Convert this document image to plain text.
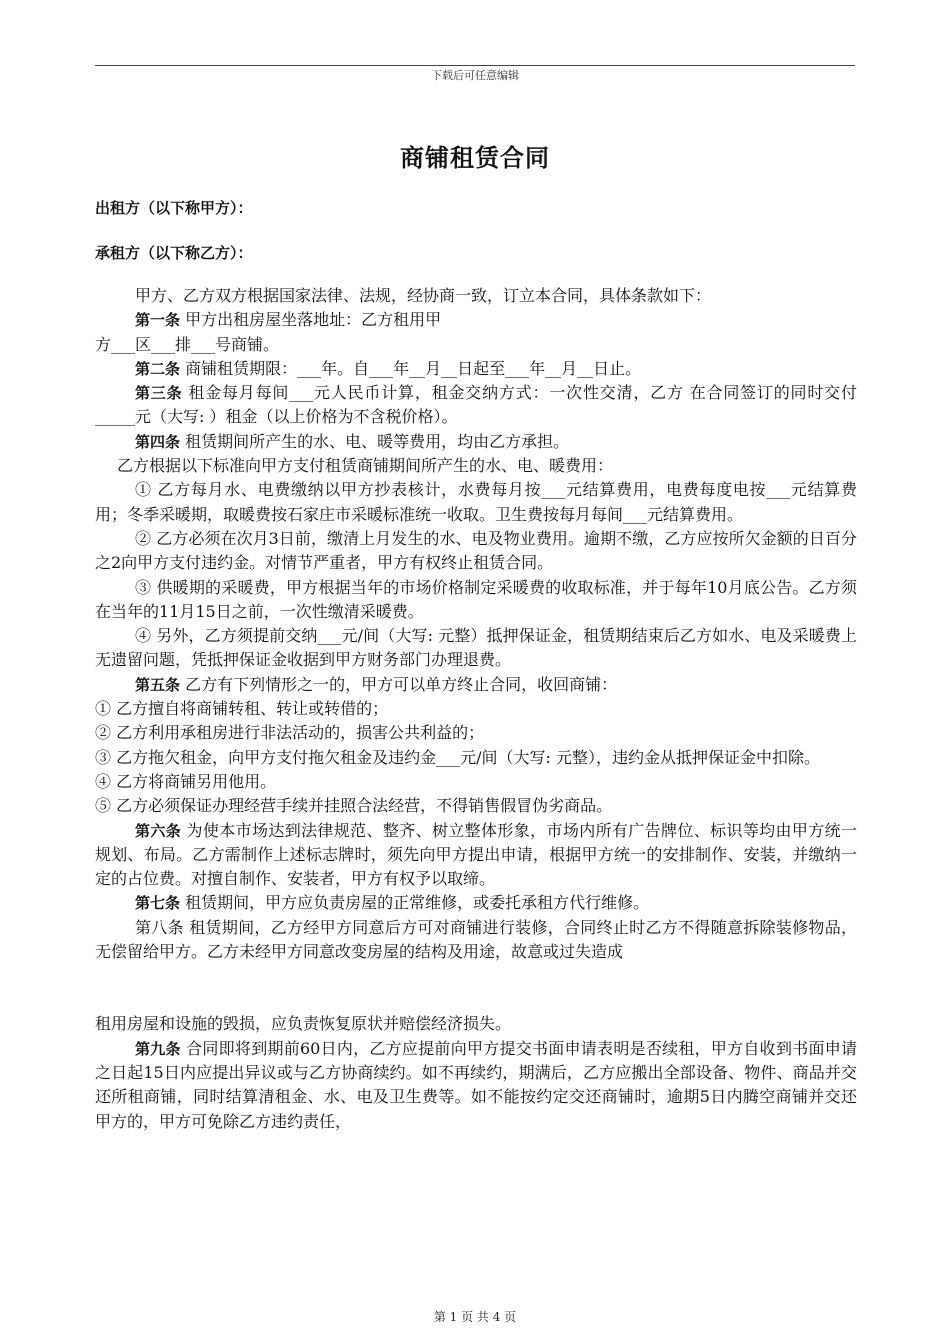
下载后可任意编辑
商铺租赁合同
出租方（以下称甲方）：
承租方（以下称乙方）：

甲方、乙方双方根据国家法律、法规，经协商一致，订立本合同，具体条款如下：

第一条 甲方出租房屋坐落地址：乙方租用甲

方___区___排___号商铺。

第二条 商铺租赁期限：___年。自___年__月__日起至___年__月__日止。

第三条 租金每月每间___元人民币计算，租金交纳方式：一次性交清，乙方 在合同签订的同时交付_____元（大写: ）租金（以上价格为不含税价格）。

第四条 租赁期间所产生的水、电、暖等费用，均由乙方承担。

乙方根据以下标准向甲方支付租赁商铺期间所产生的水、电、暖费用：

① 乙方每月水、电费缴纳以甲方抄表核计，水费每月按___元结算费用，电费每度电按___元结算费用；冬季采暖期，取暖费按石家庄市采暖标准统一收取。卫生费按每月每间___元结算费用。

② 乙方必须在次月3日前，缴清上月发生的水、电及物业费用。逾期不缴，乙方应按所欠金额的日百分之2向甲方支付违约金。对情节严重者，甲方有权终止租赁合同。

③ 供暖期的采暖费，甲方根据当年的市场价格制定采暖费的收取标准，并于每年10月底公告。乙方须在当年的11月15日之前，一次性缴清采暖费。

④ 另外，乙方须提前交纳___元/间（大写: 元整）抵押保证金，租赁期结束后乙方如水、电及采暖费上无遗留问题，凭抵押保证金收据到甲方财务部门办理退费。

第五条 乙方有下列情形之一的，甲方可以单方终止合同，收回商铺：

① 乙方擅自将商铺转租、转让或转借的；

② 乙方利用承租房进行非法活动的，损害公共利益的；

③ 乙方拖欠租金，向甲方支付拖欠租金及违约金___元/间（大写: 元整），违约金从抵押保证金中扣除。

④ 乙方将商铺另用他用。

⑤ 乙方必须保证办理经营手续并挂照合法经营，不得销售假冒伪劣商品。

第六条 为使本市场达到法律规范、整齐、树立整体形象，市场内所有广告牌位、标识等均由甲方统一规划、布局。乙方需制作上述标志牌时，须先向甲方提出申请，根据甲方统一的安排制作、安装，并缴纳一定的占位费。对擅自制作、安装者，甲方有权予以取缔。

第七条 租赁期间，甲方应负责房屋的正常维修，或委托承租方代行维修。

第八条 租赁期间，乙方经甲方同意后方可对商铺进行装修，合同终止时乙方不得随意拆除装修物品，无偿留给甲方。乙方未经甲方同意改变房屋的结构及用途，故意或过失造成

租用房屋和设施的毁损，应负责恢复原状并赔偿经济损失。

第九条 合同即将到期前60日内，乙方应提前向甲方提交书面申请表明是否续租，甲方自收到书面申请之日起15日内应提出异议或与乙方协商续约。如不再续约，期满后，乙方应搬出全部设备、物件、商品并交还所租商铺，同时结算清租金、水、电及卫生费等。如不能按约定交还商铺时，逾期5日内腾空商铺并交还甲方的，甲方可免除乙方违约责任，

第 1 页 共 4 页
